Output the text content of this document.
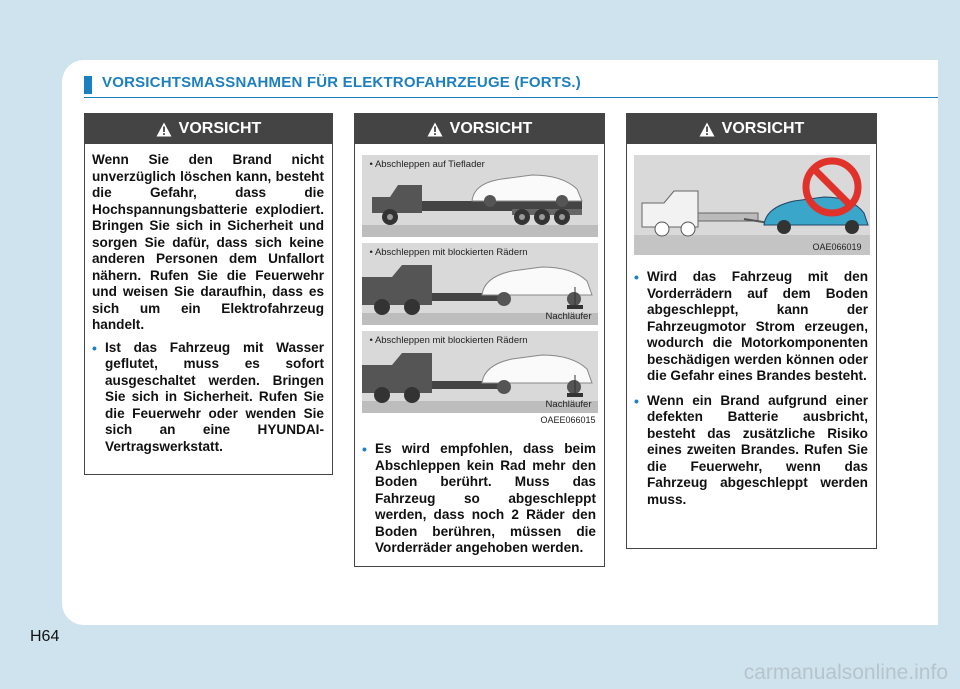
VORSICHTSMASSNAHMEN FÜR ELEKTROFAHRZEUGE (FORTS.)
VORSICHT

Wenn Sie den Brand nicht unverzüglich löschen kann, besteht die Gefahr, dass die Hochspannungsbatterie explodiert. Bringen Sie sich in Sicherheit und sorgen Sie dafür, dass sich keine anderen Personen dem Unfallort nähern. Rufen Sie die Feuerwehr und weisen Sie daraufhin, dass es sich um ein Elektrofahrzeug handelt.

• Ist das Fahrzeug mit Wasser geflutet, muss es sofort ausgeschaltet werden. Bringen Sie sich in Sicherheit. Rufen Sie die Feuerwehr oder wenden Sie sich an eine HYUNDAI-Vertragswerkstatt.

VORSICHT
• Abschleppen auf Tieflader
• Abschleppen mit blockierten Rädern
Nachläufer
• Abschleppen mit blockierten Rädern
Nachläufer
OAEE066015

• Es wird empfohlen, dass beim Abschleppen kein Rad mehr den Boden berührt. Muss das Fahrzeug so abgeschleppt werden, dass noch 2 Räder den Boden berühren, müssen die Vorderräder angehoben werden.

VORSICHT
OAE066019

• Wird das Fahrzeug mit den Vorderrädern auf dem Boden abgeschleppt, kann der Fahrzeugmotor Strom erzeugen, wodurch die Motorkomponenten beschädigen werden können oder die Gefahr eines Brandes besteht.

• Wenn ein Brand aufgrund einer defekten Batterie ausbricht, besteht das zusätzliche Risiko eines zweiten Brandes. Rufen Sie die Feuerwehr, wenn das Fahrzeug abgeschleppt werden muss.

H64
carmanualsonline.info
